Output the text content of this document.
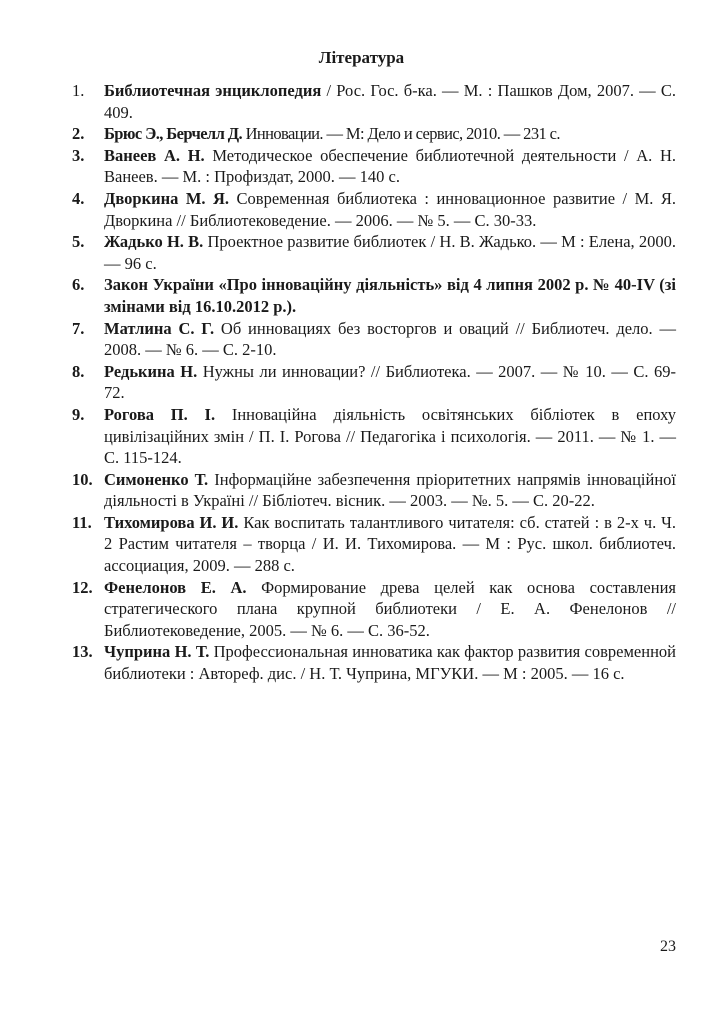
Література
1.	Библиотечная энциклопедия / Рос. Гос. б-ка. — М. : Пашков Дом, 2007. — С. 409.
2.	Брюс Э., Берчелл Д. Инновации. — М: Дело и сервис, 2010. — 231 с.
3.	Ванеев А. Н. Методическое обеспечение библиотечной деятельности / А. Н. Ванеев. — М. : Профиздат, 2000. — 140 с.
4.	Дворкина М. Я. Современная библиотека : инновационное развитие / М. Я. Дворкина // Библиотековедение. — 2006. — № 5. — С. 30-33.
5.	Жадько Н. В. Проектное развитие библиотек / Н. В. Жадько. — М : Елена, 2000. — 96 с.
6.	Закон України «Про інноваційну діяльність» від 4 липня 2002 р. № 40-IV (зі змінами від 16.10.2012 р.).
7.	Матлина С. Г. Об инновациях без восторгов и оваций // Библиотеч. дело. — 2008. — № 6. — С. 2-10.
8.	Редькина Н. Нужны ли инновации? // Библиотека. — 2007. — № 10. — С. 69-72.
9.	Рогова П. І. Інноваційна діяльність освітянських бібліотек в епоху цивілізаційних змін / П. І. Рогова // Педагогіка і психологія. — 2011. — № 1. — С. 115-124.
10. Симоненко Т. Інформаційне забезпечення пріоритетних напрямів інноваційної діяльності в Україні // Бібліотеч. вісник. — 2003. — №. 5. — С. 20-22.
11. Тихомирова И. И. Как воспитать талантливого читателя: сб. статей : в 2-х ч. Ч. 2 Растим читателя – творца / И. И. Тихомирова. — М : Рус. школ. библиотеч. ассоциация, 2009. — 288 с.
12. Фенелонов Е. А. Формирование древа целей как основа составления стратегического плана крупной библиотеки / Е. А. Фенелонов // Библиотековедение, 2005. — № 6. — С. 36-52.
13. Чуприна Н. Т. Профессиональная инноватика как фактор развития современной библиотеки : Автореф. дис. / Н. Т. Чуприна, МГУКИ. — М : 2005. — 16 с.
23
